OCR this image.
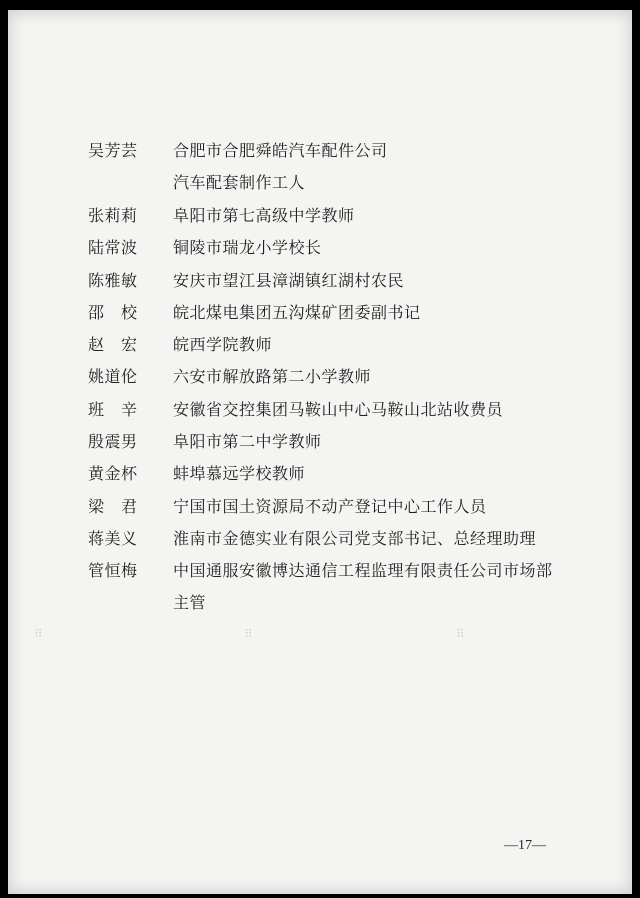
吴芳芸	合肥市合肥舜皓汽车配件公司
汽车配套制作工人
张莉莉	阜阳市第七高级中学教师
陆常波	铜陵市瑞龙小学校长
陈雅敏	安庆市望江县漳湖镇红湖村农民
邵　校	皖北煤电集团五沟煤矿团委副书记
赵　宏	皖西学院教师
姚道伦	六安市解放路第二小学教师
班　辛	安徽省交控集团马鞍山中心马鞍山北站收费员
殷震男	阜阳市第二中学教师
黄金杯	蚌埠慕远学校教师
梁　君	宁国市国土资源局不动产登记中心工作人员
蒋美义	淮南市金德实业有限公司党支部书记、总经理助理
管恒梅	中国通服安徽博达通信工程监理有限责任公司市场部
主管
⠿	⠿	⠿
—17—
